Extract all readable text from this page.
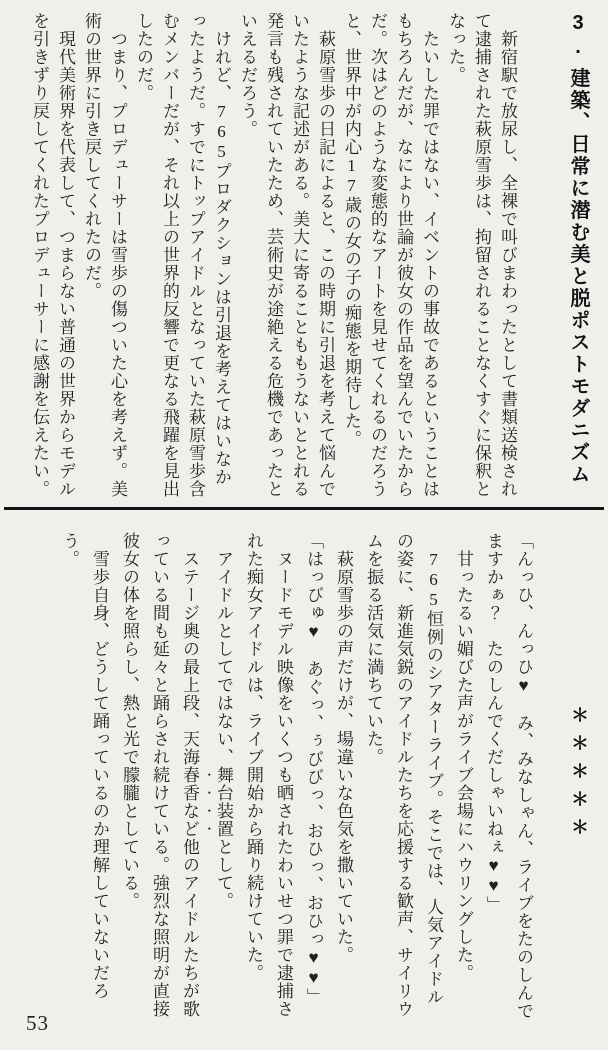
3. 建築、日常に潜む美と脱ポストモダニズム

　新宿駅で放尿し、全裸で叫びまわったとして書類送検されて逮捕された萩原雪歩は、拘留されることなくすぐに保釈となった。

　たいした罪ではない、イベントの事故であるということはもちろんだが、なにより世論が彼女の作品を望んでいたからだ。次はどのような変態的なアートを見せてくれるのだろうと、世界中が内心17歳の女の子の痴態を期待した。

　萩原雪歩の日記によると、この時期に引退を考えて悩んでいたような記述がある。美大に寄ることももうないととれる発言も残されていたため、芸術史が途絶える危機であったといえるだろう。

　けれど、765プロダクションは引退を考えてはいなかったようだ。すでにトップアイドルとなっていた萩原雪歩含むメンバーだが、それ以上の世界的反響で更なる飛躍を見出したのだ。

　つまり、プロデューサーは雪歩の傷ついた心を考えず。美術の世界に引き戻してくれたのだ。

　現代美術界を代表して、つまらない普通の世界からモデルを引きずり戻してくれたプロデューサーに感謝を伝えたい。

＊＊＊＊＊

「んっひ、んっひ♥　み、みなしゃん、ライブをたのしんでますかぁ？　たのしんでくだしゃいねぇ♥♥」

　甘ったるい媚びた声がライブ会場にハウリングした。

　765恒例のシアターライブ。そこでは、人気アイドルの姿に、新進気鋭のアイドルたちを応援する歓声、サイリウムを振る活気に満ちていた。

　萩原雪歩の声だけが、場違いな色気を撒いていた。

「はっびゅ♥　あぐっ、ぅびびっ、おひっ、おひっ♥♥」

　ヌードモデル映像をいくつも晒されたわいせつ罪で逮捕された痴女アイドルは、ライブ開始から踊り続けていた。

　アイドルとしてではない、舞台装置として。

　ステージ奥の最上段、天海春香など他のアイドルたちが歌っている間も延々と踊らされ続けている。強烈な照明が直接彼女の体を照らし、熱と光で朦朧としている。

　雪歩自身、どうして踊っているのか理解していないだろう。

53
